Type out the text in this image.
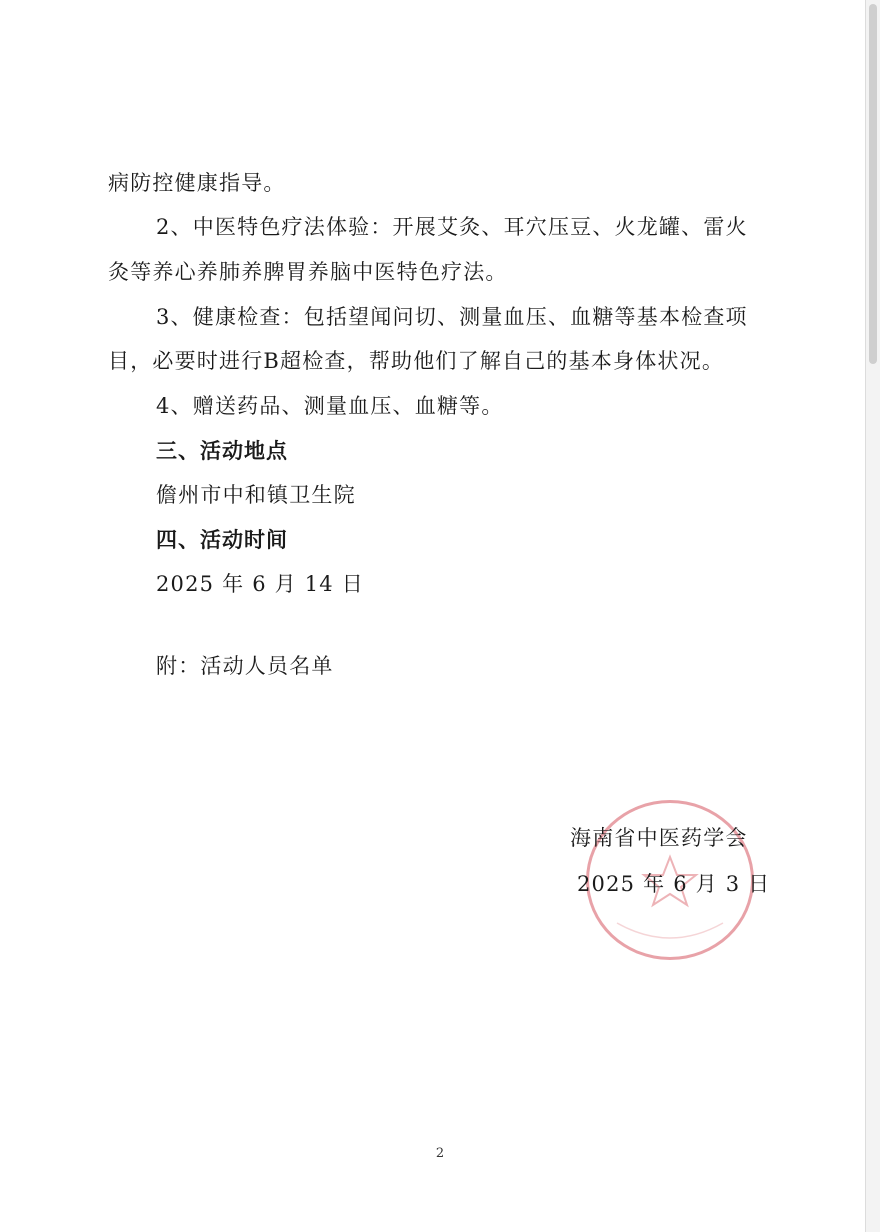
病防控健康指导。
2、中医特色疗法体验：开展艾灸、耳穴压豆、火龙罐、雷火
灸等养心养肺养脾胃养脑中医特色疗法。
3、健康检查：包括望闻问切、测量血压、血糖等基本检查项
目，必要时进行B超检查，帮助他们了解自己的基本身体状况。
4、赠送药品、测量血压、血糖等。
三、活动地点
儋州市中和镇卫生院
四、活动时间
2025 年 6 月 14 日
附：活动人员名单
海南省中医药学会
2025 年 6 月 3 日
2
